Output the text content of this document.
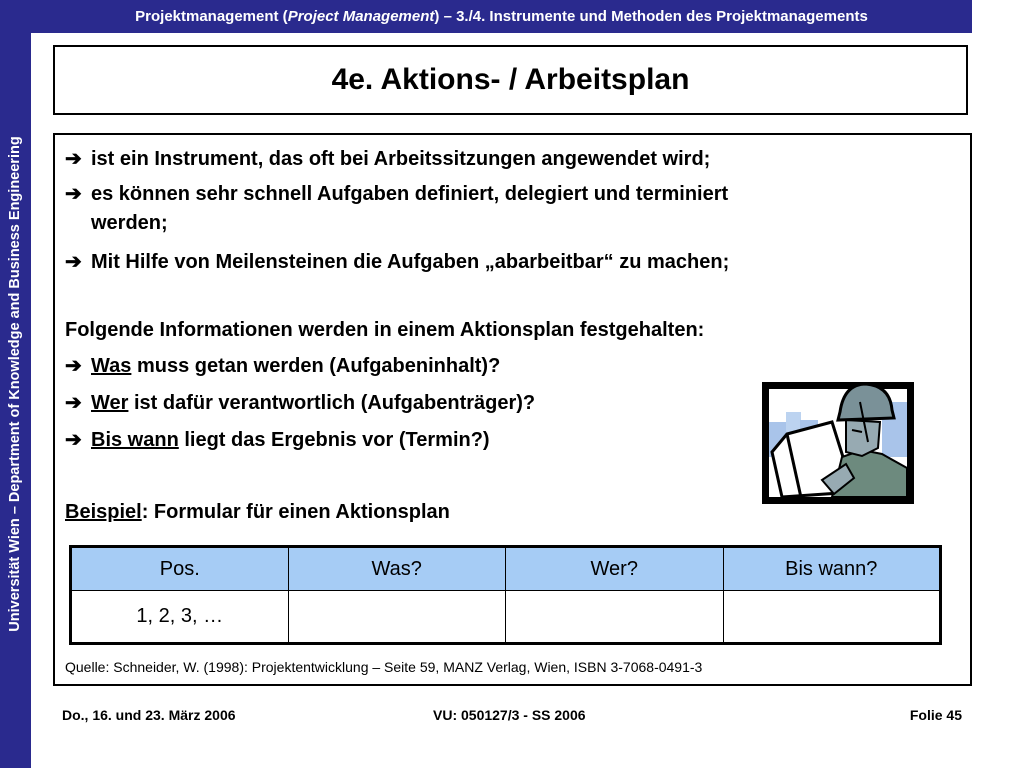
Universität Wien – Department of Knowledge and Business Engineering
Projektmanagement (Project Management) – 3./4. Instrumente und Methoden des Projektmanagements
4e. Aktions- / Arbeitsplan
➔ ist ein Instrument, das oft bei Arbeitssitzungen angewendet wird;
➔ es können sehr schnell Aufgaben definiert, delegiert und terminiert
werden;
➔ Mit Hilfe von Meilensteinen die Aufgaben „abarbeitbar“ zu machen;
Folgende Informationen werden in einem Aktionsplan festgehalten:
➔ Was muss getan werden (Aufgabeninhalt)?
➔ Wer ist dafür verantwortlich (Aufgabenträger)?
➔ Bis wann liegt das Ergebnis vor (Termin?)
Beispiel: Formular für einen Aktionsplan
Pos.	Was?	Wer?	Bis wann?
1, 2, 3, …			
Quelle: Schneider, W. (1998): Projektentwicklung – Seite 59, MANZ Verlag, Wien, ISBN 3-7068-0491-3
Do., 16. und 23. März 2006	VU: 050127/3 - SS 2006	Folie 45
